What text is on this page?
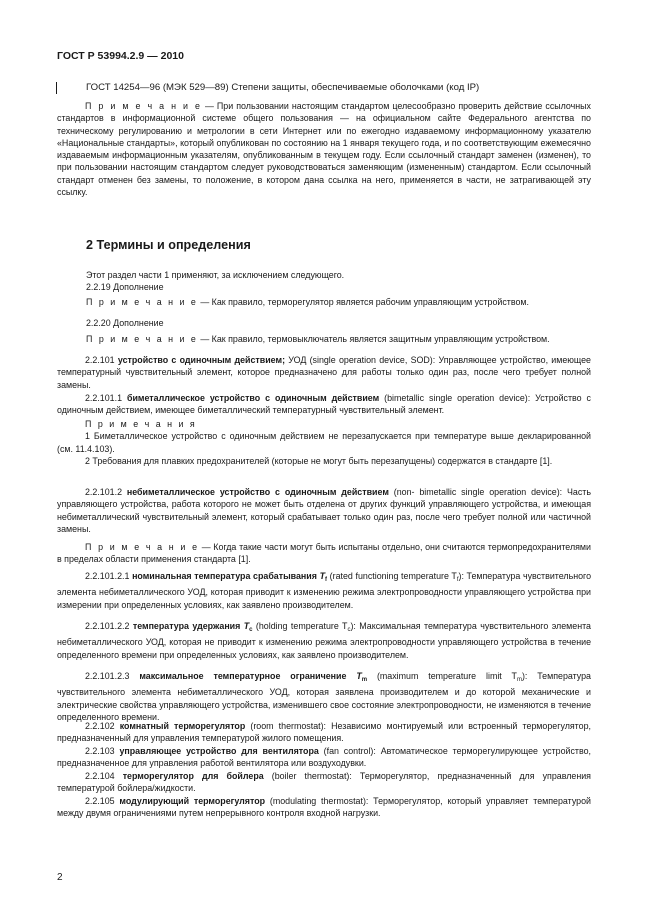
ГОСТ Р 53994.2.9 — 2010
ГОСТ 14254—96 (МЭК 529—89) Степени защиты, обеспечиваемые оболочками (код IP)
П р и м е ч а н и е — При пользовании настоящим стандартом целесообразно проверить действие ссылочных стандартов в информационной системе общего пользования — на официальном сайте Федерального агентства по техническому регулированию и метрологии в сети Интернет или по ежегодно издаваемому информационному указателю «Национальные стандарты», который опубликован по состоянию на 1 января текущего года, и по соответствующим ежемесячно издаваемым информационным указателям, опубликованным в текущем году. Если ссылочный стандарт заменен (изменен), то при пользовании настоящим стандартом следует руководствоваться заменяющим (измененным) стандартом. Если ссылочный стандарт отменен без замены, то положение, в котором дана ссылка на него, применяется в части, не затрагивающей эту ссылку.
2 Термины и определения
Этот раздел части 1 применяют, за исключением следующего.
2.2.19 Дополнение
П р и м е ч а н и е — Как правило, терморегулятор является рабочим управляющим устройством.
2.2.20 Дополнение
П р и м е ч а н и е — Как правило, термовыключатель является защитным управляющим устройством.
2.2.101 устройство с одиночным действием; УОД (single operation device, SOD): Управляющее устройство, имеющее температурный чувствительный элемент, которое предназначено для работы только один раз, после чего требует полной замены.
2.2.101.1 биметаллическое устройство с одиночным действием (bimetallic single operation device): Устройство с одиночным действием, имеющее биметаллический температурный чувствительный элемент.
П р и м е ч а н и я
1 Биметаллическое устройство с одиночным действием не перезапускается при температуре выше декларированной (см. 11.4.103).
2 Требования для плавких предохранителей (которые не могут быть перезапущены) содержатся в стандарте [1].
2.2.101.2 небиметаллическое устройство с одиночным действием (non- bimetallic single operation device): Часть управляющего устройства, работа которого не может быть отделена от других функций управляющего устройства, и имеющая небиметаллический чувствительный элемент, который срабатывает только один раз, после чего требует полной или частичной замены.
П р и м е ч а н и е — Когда такие части могут быть испытаны отдельно, они считаются термопредохранителями в пределах области применения стандарта [1].
2.2.101.2.1 номинальная температура срабатывания $T_f$ (rated functioning temperature $T_f$): Температура чувствительного элемента небиметаллического УОД, которая приводит к изменению режима электропроводности управляющего устройства при измерении при определенных условиях, как заявлено производителем.
2.2.101.2.2 температура удержания $T_c$ (holding temperature $T_c$): Максимальная температура чувствительного элемента небиметаллического УОД, которая не приводит к изменению режима электропроводности управляющего устройства в течение определенного времени при определенных условиях, как заявлено производителем.
2.2.101.2.3 максимальное температурное ограничение $T_m$ (maximum temperature limit $T_m$): Температура чувствительного элемента небиметаллического УОД, которая заявлена производителем и до которой механические и электрические свойства управляющего устройства, изменившего свое состояние электропроводности, не изменяются в течение определенного времени.
2.2.102 комнатный терморегулятор (room thermostat): Независимо монтируемый или встроенный терморегулятор, предназначенный для управления температурой жилого помещения.
2.2.103 управляющее устройство для вентилятора (fan control): Автоматическое терморегулирующее устройство, предназначенное для управления работой вентилятора или воздуходувки.
2.2.104 терморегулятор для бойлера (boiler thermostat): Терморегулятор, предназначенный для управления температурой бойлера/жидкости.
2.2.105 модулирующий терморегулятор (modulating thermostat): Терморегулятор, который управляет температурой между двумя ограничениями путем непрерывного контроля входной нагрузки.
2
